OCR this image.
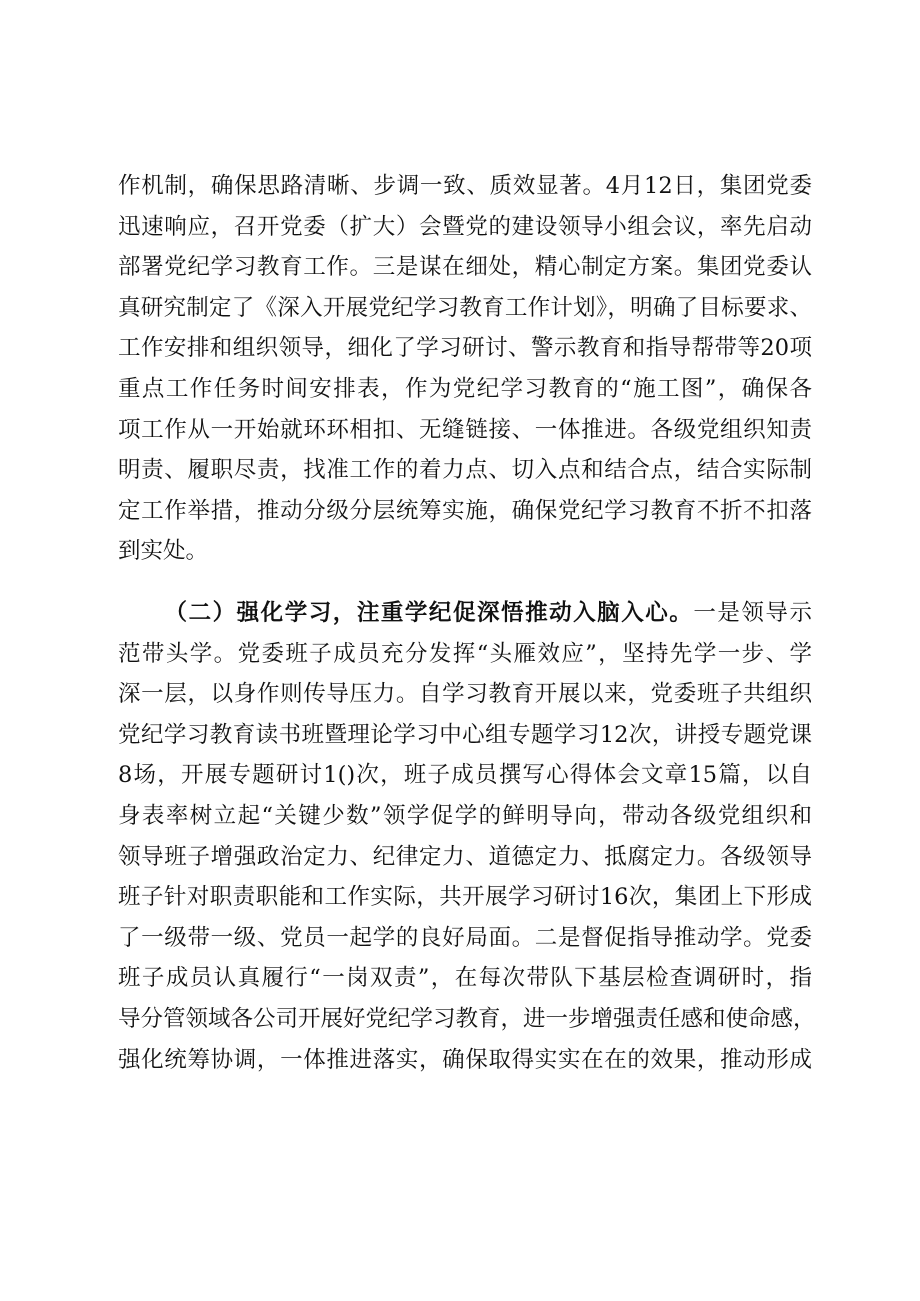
作机制，确保思路清晰、步调一致、质效显著。4月12日，集团党委
迅速响应，召开党委（扩大）会暨党的建设领导小组会议，率先启动
部署党纪学习教育工作。三是谋在细处，精心制定方案。集团党委认
真研究制定了《深入开展党纪学习教育工作计划》，明确了目标要求、
工作安排和组织领导，细化了学习研讨、警示教育和指导帮带等20项
重点工作任务时间安排表，作为党纪学习教育的“施工图”，确保各
项工作从一开始就环环相扣、无缝链接、一体推进。各级党组织知责
明责、履职尽责，找准工作的着力点、切入点和结合点，结合实际制
定工作举措，推动分级分层统筹实施，确保党纪学习教育不折不扣落
到实处。
（二）强化学习，注重学纪促深悟推动入脑入心。一是领导示
范带头学。党委班子成员充分发挥“头雁效应”，坚持先学一步、学
深一层，以身作则传导压力。自学习教育开展以来，党委班子共组织
党纪学习教育读书班暨理论学习中心组专题学习12次，讲授专题党课
8场，开展专题研讨1()次，班子成员撰写心得体会文章15篇，以自
身表率树立起“关键少数”领学促学的鲜明导向，带动各级党组织和
领导班子增强政治定力、纪律定力、道德定力、抵腐定力。各级领导
班子针对职责职能和工作实际，共开展学习研讨16次，集团上下形成
了一级带一级、党员一起学的良好局面。二是督促指导推动学。党委
班子成员认真履行“一岗双责”，在每次带队下基层检查调研时，指
导分管领域各公司开展好党纪学习教育，进一步增强责任感和使命感，
强化统筹协调，一体推进落实，确保取得实实在在的效果，推动形成
